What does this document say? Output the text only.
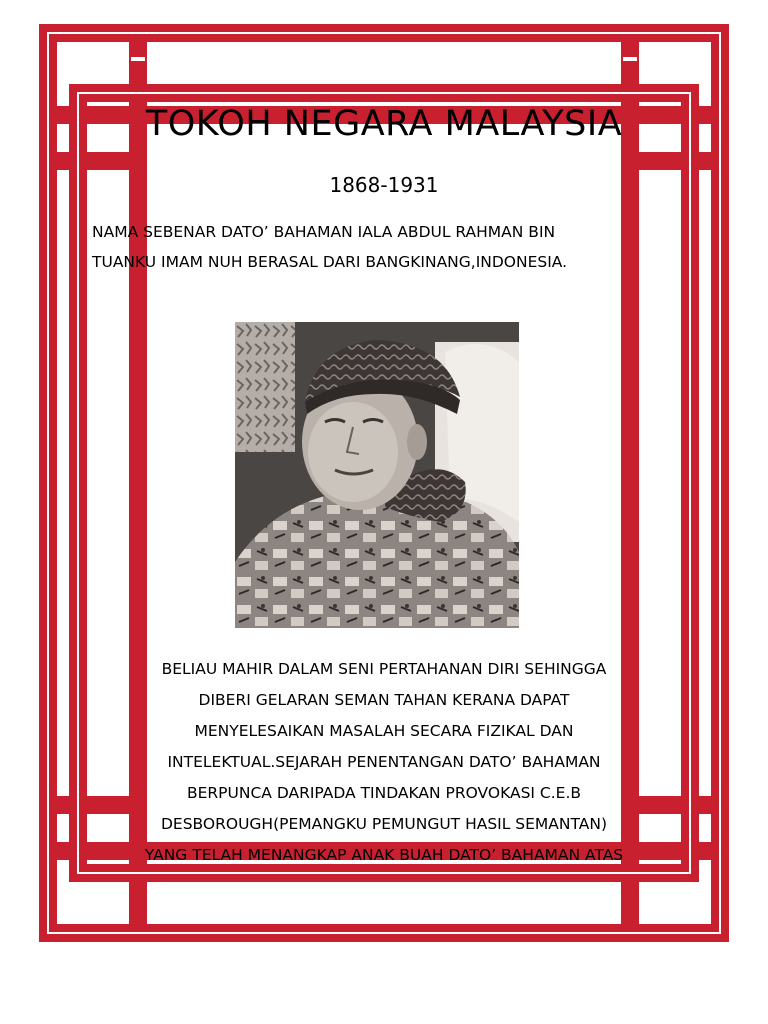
TOKOH NEGARA MALAYSIA
1868-1931

NAMA SEBENAR DATO’ BAHAMAN IALA ABDUL RAHMAN BIN

TUANKU IMAM NUH BERASAL DARI BANGKINANG,INDONESIA.

BELIAU MAHIR DALAM SENI PERTAHANAN DIRI SEHINGGA

DIBERI GELARAN SEMAN TAHAN KERANA DAPAT

MENYELESAIKAN MASALAH SECARA FIZIKAL DAN

INTELEKTUAL.SEJARAH PENENTANGAN DATO’ BAHAMAN

BERPUNCA DARIPADA TINDAKAN PROVOKASI C.E.B

DESBOROUGH(PEMANGKU PEMUNGUT HASIL SEMANTAN)

YANG TELAH MENANGKAP ANAK BUAH DATO’ BAHAMAN ATAS
